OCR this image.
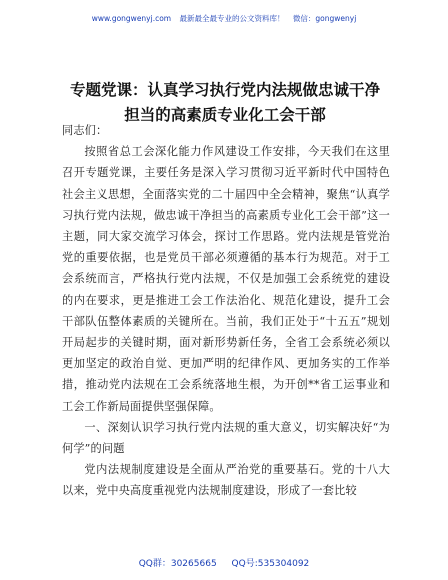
www.gongwenyj.com 最新最全最专业的公文资料库！ 微信：gongwenyj
专题党课：认真学习执行党内法规做忠诚干净
担当的高素质专业化工会干部

同志们：

按照省总工会深化能力作风建设工作安排，今天我们在这里召开专题党课，主要任务是深入学习贯彻习近平新时代中国特色社会主义思想，全面落实党的二十届四中全会精神，聚焦“认真学习执行党内法规，做忠诚干净担当的高素质专业化工会干部”这一主题，同大家交流学习体会，探讨工作思路。党内法规是管党治党的重要依据，也是党员干部必须遵循的基本行为规范。对于工会系统而言，严格执行党内法规，不仅是加强工会系统党的建设的内在要求，更是推进工会工作法治化、规范化建设，提升工会干部队伍整体素质的关键所在。当前，我们正处于“十五五”规划开局起步的关键时期，面对新形势新任务，全省工会系统必须以更加坚定的政治自觉、更加严明的纪律作风、更加务实的工作举措，推动党内法规在工会系统落地生根，为开创**省工运事业和工会工作新局面提供坚强保障。

一、深刻认识学习执行党内法规的重大意义，切实解决好“为何学”的问题

党内法规制度建设是全面从严治党的重要基石。党的十八大以来，党中央高度重视党内法规制度建设，形成了一套比较

QQ群：30265665 QQ号:535304092
